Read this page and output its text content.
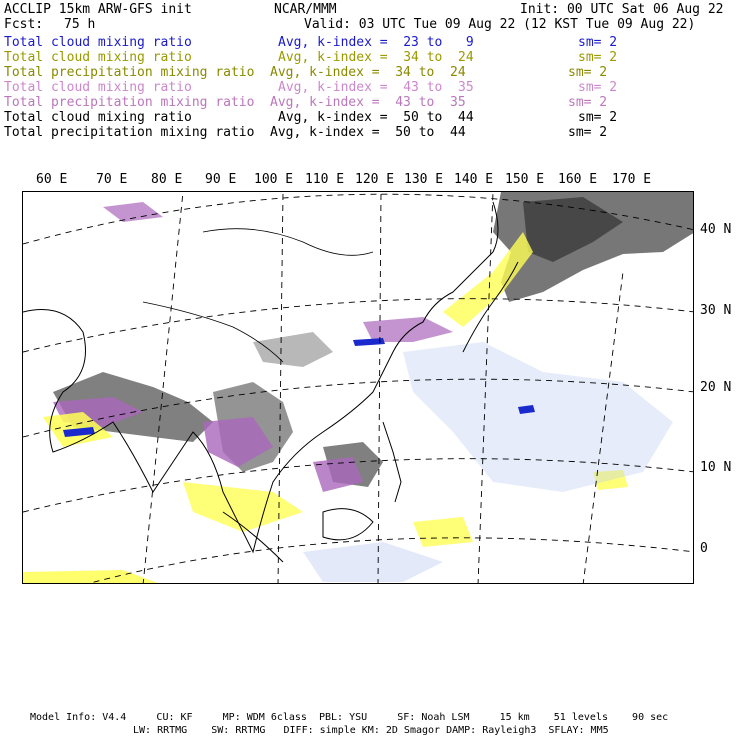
ACCLIP 15km ARW-GFS init	NCAR/MMM	Init: 00 UTC Sat 06 Aug 22
Fcst: 75 h	Valid: 03 UTC Tue 09 Aug 22 (12 KST Tue 09 Aug 22)
Total cloud mixing ratio	Avg, k-index =  23 to   9	sm= 2
Total cloud mixing ratio	Avg, k-index =  34 to  24	sm= 2
Total precipitation mixing ratio Avg, k-index =  34 to  24	sm= 2
Total cloud mixing ratio	Avg, k-index =  43 to  35	sm= 2
Total precipitation mixing ratio Avg, k-index =  43 to  35	sm= 2
Total cloud mixing ratio	Avg, k-index =  50 to  44	sm= 2
Total precipitation mixing ratio Avg, k-index =  50 to  44	sm= 2
60 E 70 E 80 E 90 E 100 E 110 E 120 E 130 E 140 E 150 E 160 E 170 E
40 N
30 N
20 N
10 N
0
Model Info: V4.4     CU: KF     MP: WDM 6class  PBL: YSU     SF: Noah LSM     15 km    51 levels    90 sec
LW: RRTMG    SW: RRTMG   DIFF: simple KM: 2D Smagor DAMP: Rayleigh3  SFLAY: MM5
